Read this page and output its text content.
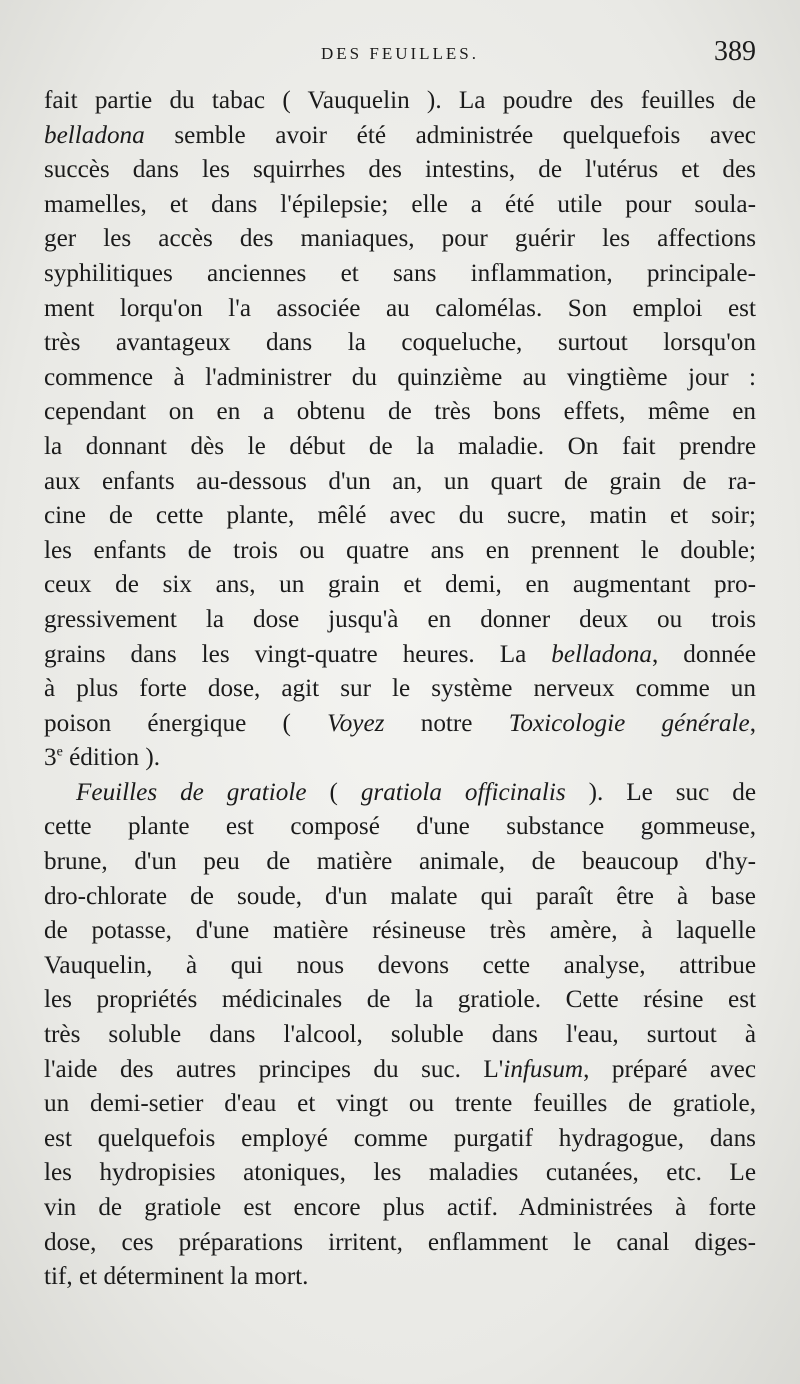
DES FEUILLES.	389
fait partie du tabac ( Vauquelin ). La poudre des feuilles de
belladona semble avoir été administrée quelquefois avec
succès dans les squirrhes des intestins, de l'utérus et des
mamelles, et dans l'épilepsie; elle a été utile pour soula-
ger les accès des maniaques, pour guérir les affections
syphilitiques anciennes et sans inflammation, principale-
ment lorqu'on l'a associée au calomélas. Son emploi est
très avantageux dans la coqueluche, surtout lorsqu'on
commence à l'administrer du quinzième au vingtième jour :
cependant on en a obtenu de très bons effets, même en
la donnant dès le début de la maladie. On fait prendre
aux enfants au-dessous d'un an, un quart de grain de ra-
cine de cette plante, mêlé avec du sucre, matin et soir;
les enfants de trois ou quatre ans en prennent le double;
ceux de six ans, un grain et demi, en augmentant pro-
gressivement la dose jusqu'à en donner deux ou trois
grains dans les vingt-quatre heures. La belladona, donnée
à plus forte dose, agit sur le système nerveux comme un
poison énergique ( Voyez notre Toxicologie générale,
3e édition ).
Feuilles de gratiole ( gratiola officinalis ). Le suc de
cette plante est composé d'une substance gommeuse,
brune, d'un peu de matière animale, de beaucoup d'hy-
dro-chlorate de soude, d'un malate qui paraît être à base
de potasse, d'une matière résineuse très amère, à laquelle
Vauquelin, à qui nous devons cette analyse, attribue
les propriétés médicinales de la gratiole. Cette résine est
très soluble dans l'alcool, soluble dans l'eau, surtout à
l'aide des autres principes du suc. L'infusum, préparé avec
un demi-setier d'eau et vingt ou trente feuilles de gratiole,
est quelquefois employé comme purgatif hydragogue, dans
les hydropisies atoniques, les maladies cutanées, etc. Le
vin de gratiole est encore plus actif. Administrées à forte
dose, ces préparations irritent, enflamment le canal diges-
tif, et déterminent la mort.
